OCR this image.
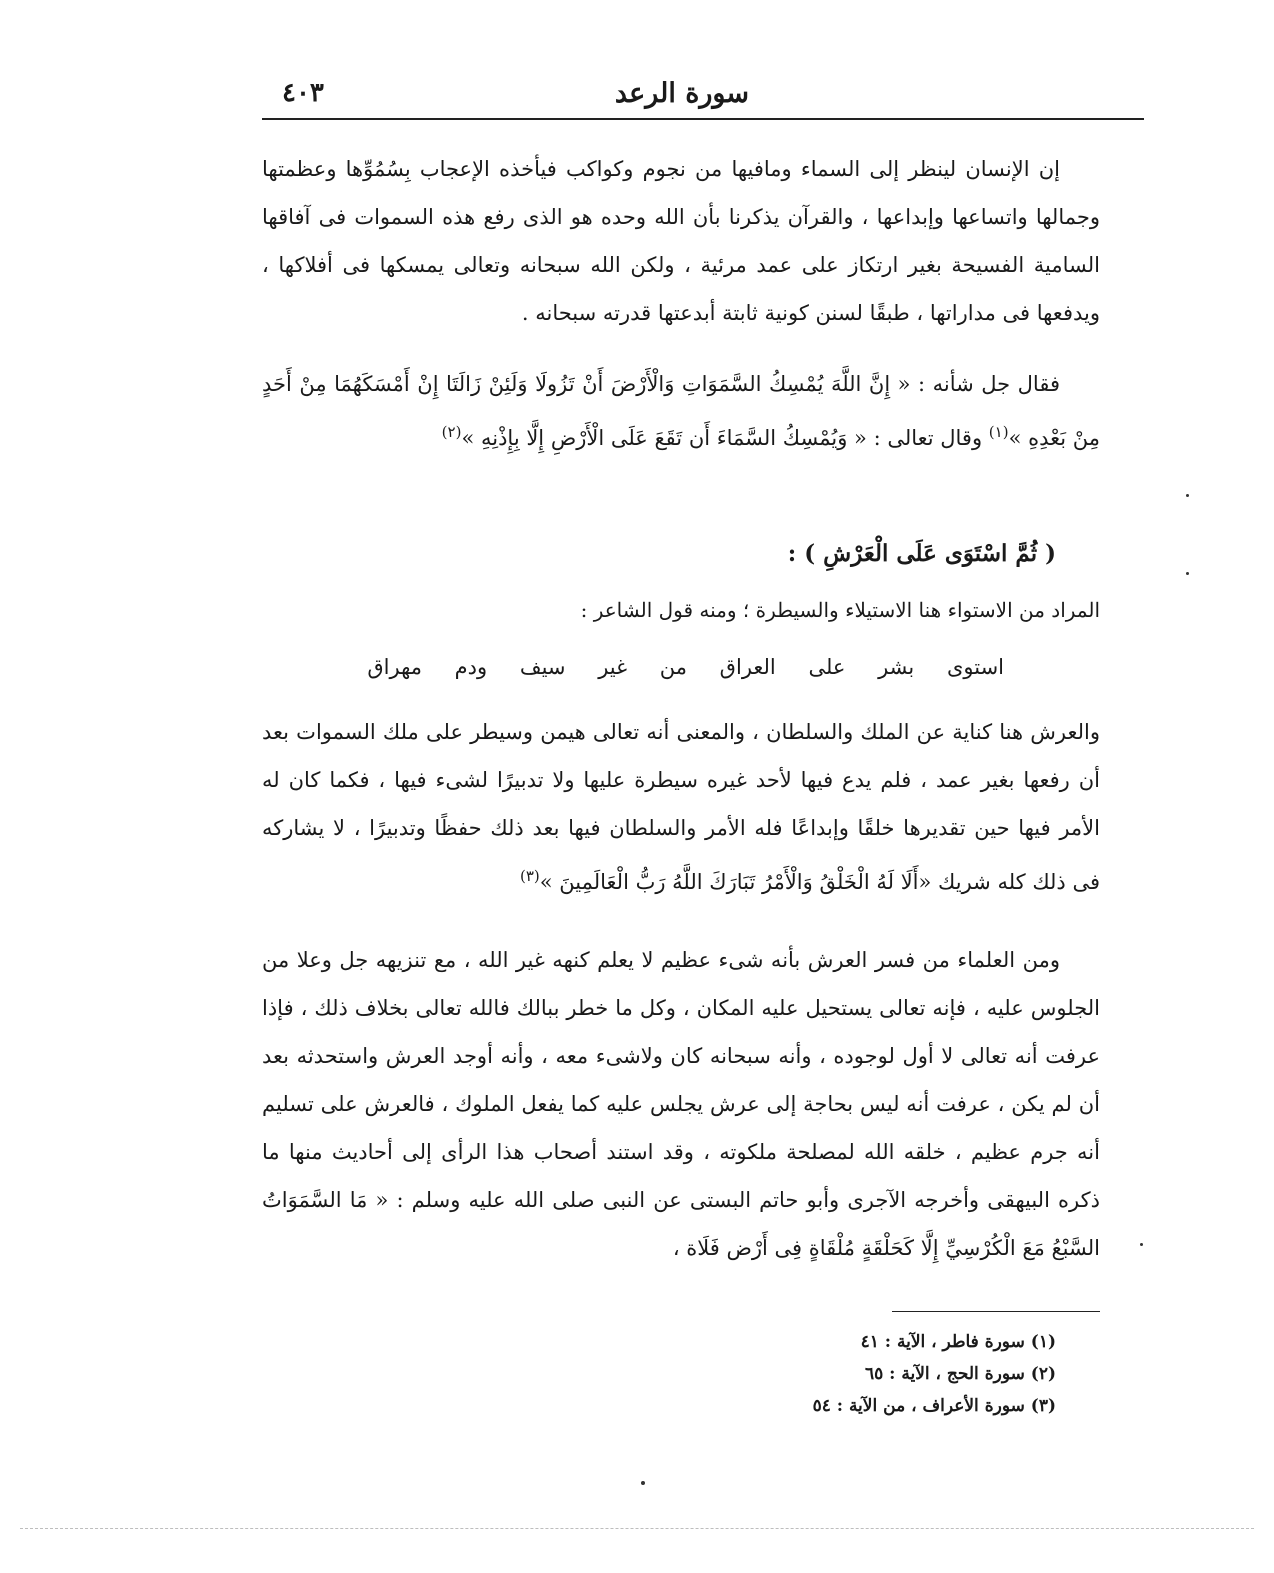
سورة الرعد
٤٠٣

إن الإنسان لينظر إلى السماء ومافيها من نجوم وكواكب فيأخذه الإعجاب بِسُمُوِّها وعظمتها وجمالها واتساعها وإبداعها ، والقرآن يذكرنا بأن الله وحده هو الذى رفع هذه السموات فى آفاقها السامية الفسيحة بغير ارتكاز على عمد مرئية ، ولكن الله سبحانه وتعالى يمسكها فى أفلاكها ، ويدفعها فى مداراتها ، طبقًا لسنن كونية ثابتة أبدعتها قدرته سبحانه .

فقال جل شأنه : « إِنَّ اللَّهَ يُمْسِكُ السَّمَوَاتِ وَالْأَرْضَ أَنْ تَزُولَا وَلَئِنْ زَالَتَا إِنْ أَمْسَكَهُمَا مِنْ أَحَدٍ مِنْ بَعْدِهِ »$^{(١)}$ وقال تعالى : « وَيُمْسِكُ السَّمَاءَ أَن تَقَعَ عَلَى الْأَرْضِ إِلَّا بِإِذْنِهِ »$^{(٢)}$

( ثُمَّ اسْتَوَى عَلَى الْعَرْشِ ) :
المراد من الاستواء هنا الاستيلاء والسيطرة ؛ ومنه قول الشاعر :
استوى بشر على العراق من غير سيف ودم مهراق

والعرش هنا كناية عن الملك والسلطان ، والمعنى أنه تعالى هيمن وسيطر على ملك السموات بعد أن رفعها بغير عمد ، فلم يدع فيها لأحد غيره سيطرة عليها ولا تدبيرًا لشىء فيها ، فكما كان له الأمر فيها حين تقديرها خلقًا وإبداعًا فله الأمر والسلطان فيها بعد ذلك حفظًا وتدبيرًا ، لا يشاركه فى ذلك كله شريك «أَلَا لَهُ الْخَلْقُ وَالْأَمْرُ تَبَارَكَ اللَّهُ رَبُّ الْعَالَمِينَ »$^{(٣)}$

ومن العلماء من فسر العرش بأنه شىء عظيم لا يعلم كنهه غير الله ، مع تنزيهه جل وعلا من الجلوس عليه ، فإنه تعالى يستحيل عليه المكان ، وكل ما خطر ببالك فالله تعالى بخلاف ذلك ، فإذا عرفت أنه تعالى لا أول لوجوده ، وأنه سبحانه كان ولاشىء معه ، وأنه أوجد العرش واستحدثه بعد أن لم يكن ، عرفت أنه ليس بحاجة إلى عرش يجلس عليه كما يفعل الملوك ، فالعرش على تسليم أنه جرم عظيم ، خلقه الله لمصلحة ملكوته ، وقد استند أصحاب هذا الرأى إلى أحاديث منها ما ذكره البيهقى وأخرجه الآجرى وأبو حاتم البستى عن النبى صلى الله عليه وسلم : « مَا السَّمَوَاتُ السَّبْعُ مَعَ الْكُرْسِيِّ إِلَّا كَحَلْقَةٍ مُلْقَاةٍ فِى أَرْض فَلَاة ،

(١) سورة فاطر ، الآية : ٤١
(٢) سورة الحج ، الآية : ٦٥
(٣) سورة الأعراف ، من الآية : ٥٤
